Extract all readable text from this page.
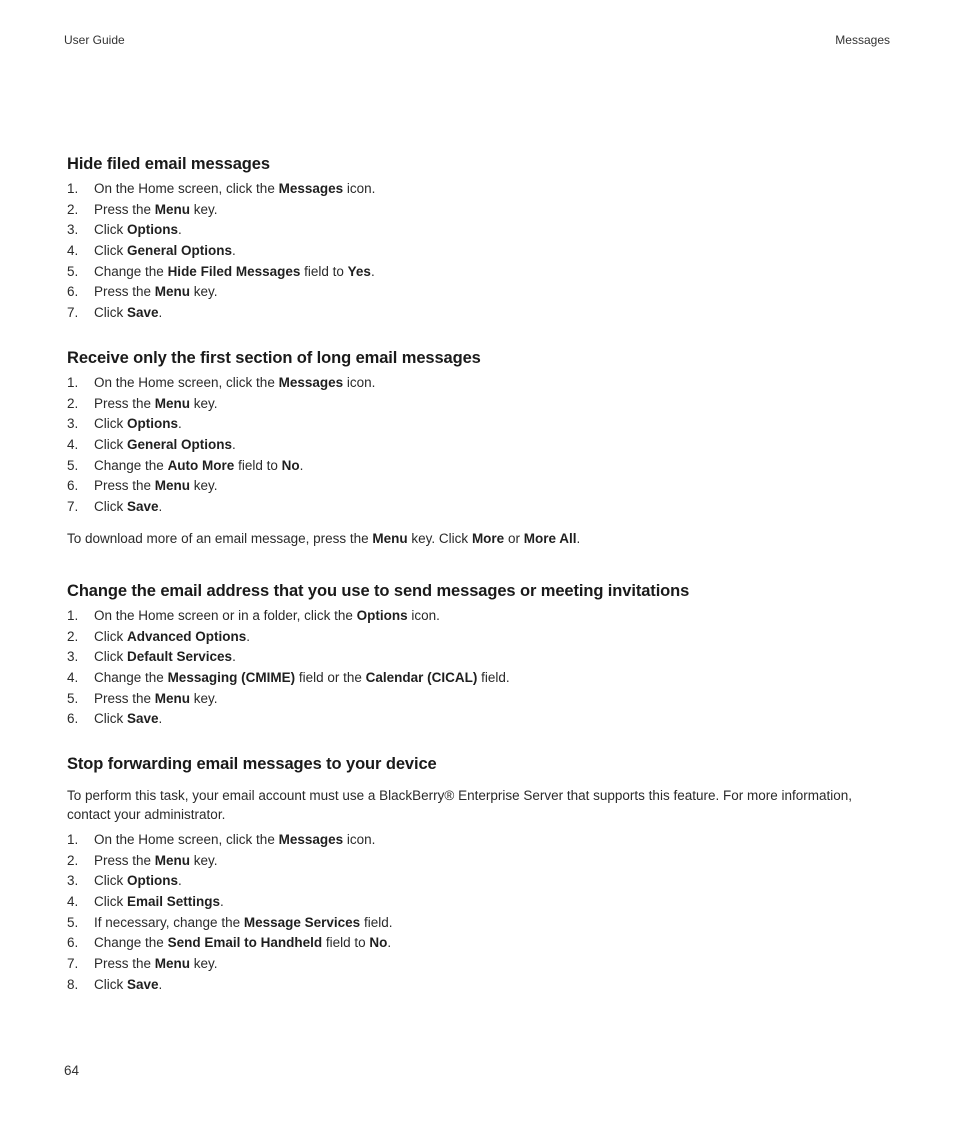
User Guide	Messages
Hide filed email messages
1. On the Home screen, click the Messages icon.
2. Press the Menu key.
3. Click Options.
4. Click General Options.
5. Change the Hide Filed Messages field to Yes.
6. Press the Menu key.
7. Click Save.
Receive only the first section of long email messages
1. On the Home screen, click the Messages icon.
2. Press the Menu key.
3. Click Options.
4. Click General Options.
5. Change the Auto More field to No.
6. Press the Menu key.
7. Click Save.

To download more of an email message, press the Menu key. Click More or More All.

Change the email address that you use to send messages or meeting invitations
1. On the Home screen or in a folder, click the Options icon.
2. Click Advanced Options.
3. Click Default Services.
4. Change the Messaging (CMIME) field or the Calendar (CICAL) field.
5. Press the Menu key.
6. Click Save.
Stop forwarding email messages to your device

To perform this task, your email account must use a BlackBerry® Enterprise Server that supports this feature. For more information, contact your administrator.

1. On the Home screen, click the Messages icon.
2. Press the Menu key.
3. Click Options.
4. Click Email Settings.
5. If necessary, change the Message Services field.
6. Change the Send Email to Handheld field to No.
7. Press the Menu key.
8. Click Save.
64
